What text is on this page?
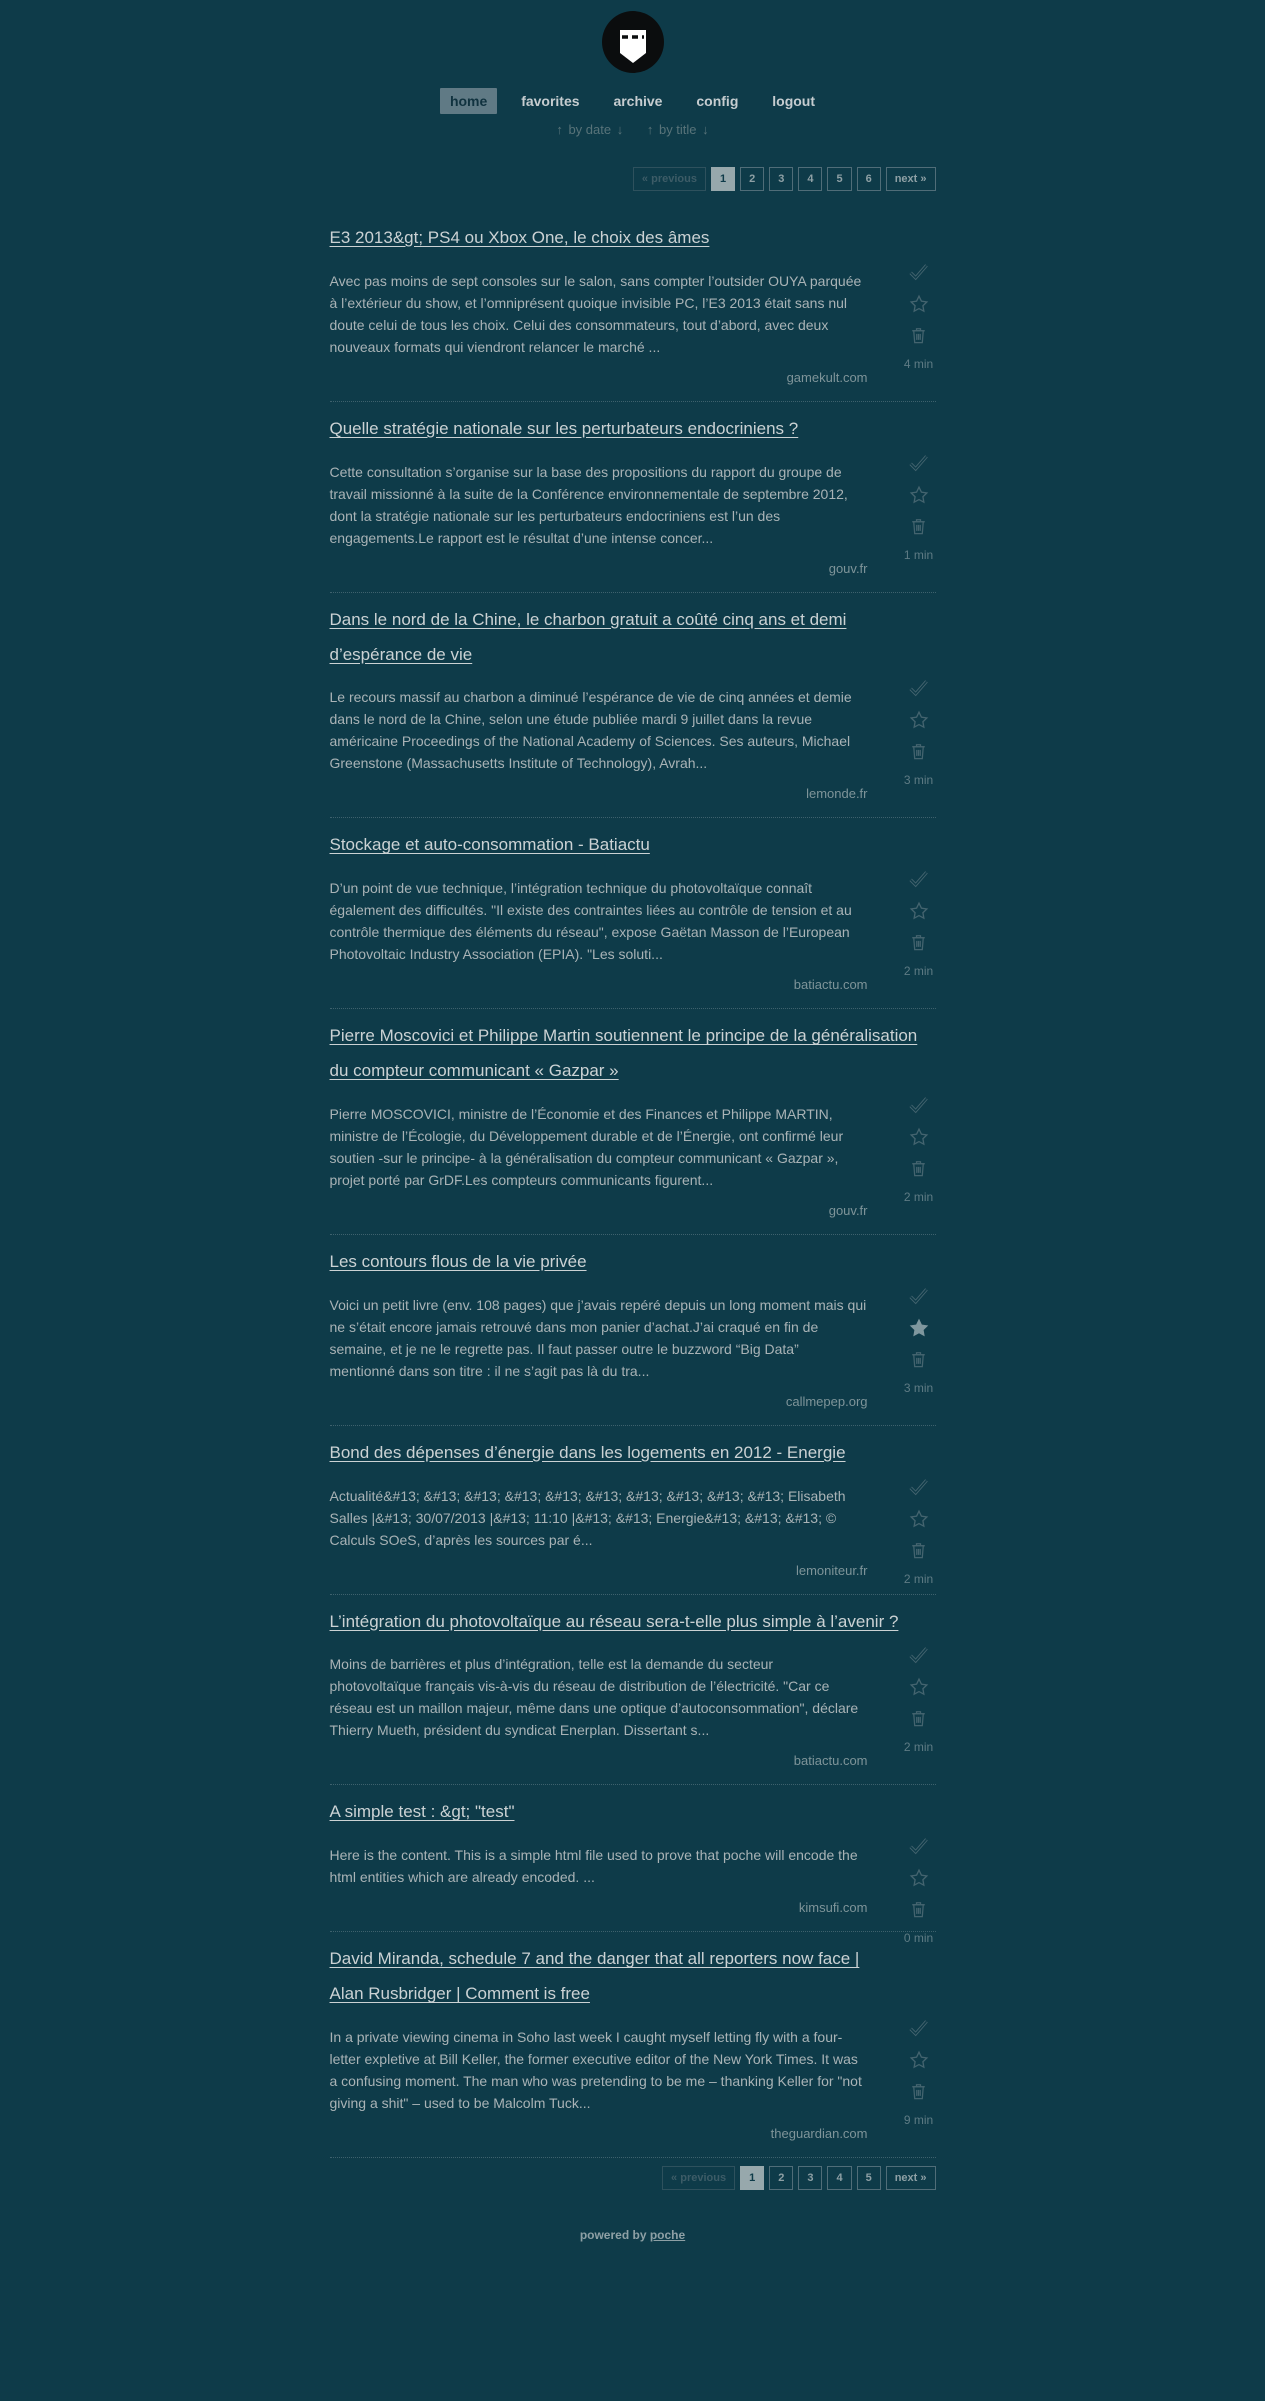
home favorites archive config logout
↑ by date ↓ ↑ by title ↓
« previous 1 2 3 4 5 6 next »
E3 2013&gt; PS4 ou Xbox One, le choix des âmes
4 min

Avec pas moins de sept consoles sur le salon, sans compter l’outsider OUYA parquée à l’extérieur du show, et l’omniprésent quoique invisible PC, l’E3 2013 était sans nul doute celui de tous les choix. Celui des consommateurs, tout d’abord, avec deux nouveaux formats qui viendront relancer le marché ...

gamekult.com
Quelle stratégie nationale sur les perturbateurs endocriniens ?
1 min

Cette consultation s’organise sur la base des propositions du rapport du groupe de travail missionné à la suite de la Conférence environnementale de septembre 2012, dont la stratégie nationale sur les perturbateurs endocriniens est l’un des engagements.Le rapport est le résultat d’une intense concer...

gouv.fr
Dans le nord de la Chine, le charbon gratuit a coûté cinq ans et demi d’espérance de vie
3 min

Le recours massif au charbon a diminué l’espérance de vie de cinq années et demie dans le nord de la Chine, selon une étude publiée mardi 9 juillet dans la revue américaine Proceedings of the National Academy of Sciences. Ses auteurs, Michael Greenstone (Massachusetts Institute of Technology), Avrah...

lemonde.fr
Stockage et auto-consommation - Batiactu
2 min

D’un point de vue technique, l’intégration technique du photovoltaïque connaît également des difficultés. "Il existe des contraintes liées au contrôle de tension et au contrôle thermique des éléments du réseau", expose Gaëtan Masson de l’European Photovoltaic Industry Association (EPIA). "Les soluti...

batiactu.com
Pierre Moscovici et Philippe Martin soutiennent le principe de la généralisation du compteur communicant « Gazpar »
2 min

Pierre MOSCOVICI, ministre de l’Économie et des Finances et Philippe MARTIN, ministre de l’Écologie, du Développement durable et de l’Énergie, ont confirmé leur soutien -sur le principe- à la généralisation du compteur communicant « Gazpar », projet porté par GrDF.Les compteurs communicants figurent...

gouv.fr
Les contours flous de la vie privée
3 min

Voici un petit livre (env. 108 pages) que j’avais repéré depuis un long moment mais qui ne s’était encore jamais retrouvé dans mon panier d’achat.J’ai craqué en fin de semaine, et je ne le regrette pas. Il faut passer outre le buzzword “Big Data” mentionné dans son titre : il ne s’agit pas là du tra...

callmepep.org
Bond des dépenses d’énergie dans les logements en 2012 - Energie
2 min

Actualité&#13; &#13; &#13; &#13; &#13; &#13; &#13; &#13; &#13; &#13; Elisabeth Salles |&#13; 30/07/2013 |&#13; 11:10 |&#13; &#13; Energie&#13; &#13; &#13; © Calculs SOeS, d’après les sources par é...

lemoniteur.fr
L’intégration du photovoltaïque au réseau sera-t-elle plus simple à l’avenir ?
2 min

Moins de barrières et plus d’intégration, telle est la demande du secteur photovoltaïque français vis-à-vis du réseau de distribution de l’électricité. "Car ce réseau est un maillon majeur, même dans une optique d’autoconsommation", déclare Thierry Mueth, président du syndicat Enerplan. Dissertant s...

batiactu.com
A simple test : &gt; "test"
0 min

Here is the content. This is a simple html file used to prove that poche will encode the html entities which are already encoded. ...

kimsufi.com
David Miranda, schedule 7 and the danger that all reporters now face | Alan Rusbridger | Comment is free
9 min

In a private viewing cinema in Soho last week I caught myself letting fly with a four-letter expletive at Bill Keller, the former executive editor of the New York Times. It was a confusing moment. The man who was pretending to be me – thanking Keller for "not giving a shit" – used to be Malcolm Tuck...

theguardian.com
« previous 1 2 3 4 5 next »
powered by poche
